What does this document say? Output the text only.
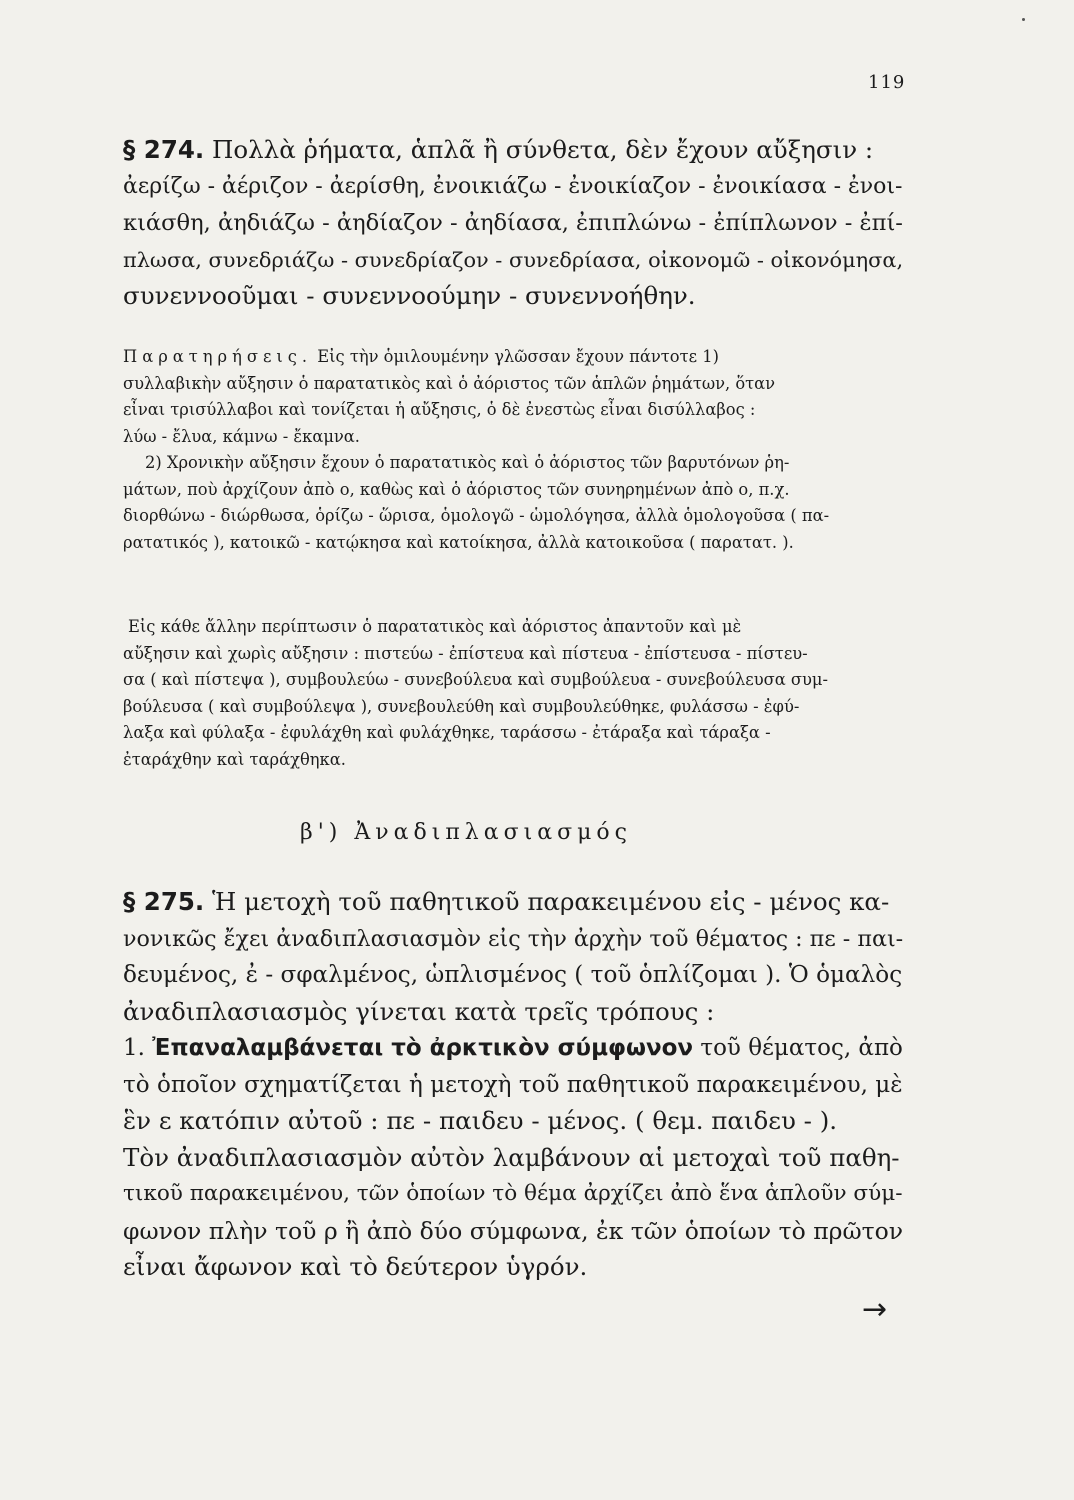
119
§ 274. Πολλὰ ῥήματα, ἁπλᾶ ἢ σύνθετα, δὲν ἔχουν αὔξησιν :
ἀερίζω - ἀέριζον - ἀερίσθη, ἐνοικιάζω - ἐνοικίαζον - ἐνοικίασα - ἐνοι-
κιάσθη, ἀηδιάζω - ἀηδίαζον - ἀηδίασα, ἐπιπλώνω - ἐπίπλωνον - ἐπί-
πλωσα, συνεδριάζω - συνεδρίαζον - συνεδρίασα, οἰκονομῶ - οἰκονόμησα,
συνεννοοῦμαι - συνεννοούμην - συνεννοήθην.
Παρατηρήσεις. Εἰς τὴν ὁμιλουμένην γλῶσσαν ἔχουν πάντοτε 1)
συλλαβικὴν αὔξησιν ὁ παρατατικὸς καὶ ὁ ἀόριστος τῶν ἁπλῶν ῥημάτων, ὅταν
εἶναι τρισύλλαβοι καὶ τονίζεται ἡ αὔξησις, ὁ δὲ ἐνεστὼς εἶναι δισύλλαβος :
λύω - ἔλυα, κάμνω - ἔκαμνα.
2) Χρονικὴν αὔξησιν ἔχουν ὁ παρατατικὸς καὶ ὁ ἀόριστος τῶν βαρυτόνων ῥη-
μάτων, ποὺ ἀρχίζουν ἀπὸ ο, καθὼς καὶ ὁ ἀόριστος τῶν συνηρημένων ἀπὸ ο, π.χ.
διορθώνω - διώρθωσα, ὁρίζω - ὥρισα, ὁμολογῶ - ὡμολόγησα, ἀλλὰ ὁμολογοῦσα ( πα-
ρατατικός ), κατοικῶ - κατῴκησα καὶ κατοίκησα, ἀλλὰ κατοικοῦσα ( παρατατ. ).
Εἰς κάθε ἄλλην περίπτωσιν ὁ παρατατικὸς καὶ ἀόριστος ἀπαντοῦν καὶ μὲ
αὔξησιν καὶ χωρὶς αὔξησιν : πιστεύω - ἐπίστευα καὶ πίστευα - ἐπίστευσα - πίστευ-
σα ( καὶ πίστεψα ), συμβουλεύω - συνεβούλευα καὶ συμβούλευα - συνεβούλευσα συμ-
βούλευσα ( καὶ συμβούλεψα ), συνεβουλεύθη καὶ συμβουλεύθηκε, φυλάσσω - ἐφύ-
λαξα καὶ φύλαξα - ἐφυλάχθη καὶ φυλάχθηκε, ταράσσω - ἐτάραξα καὶ τάραξα -
ἐταράχθην καὶ ταράχθηκα.
β') Ἀναδιπλασιασμός
§ 275. Ἡ μετοχὴ τοῦ παθητικοῦ παρακειμένου εἰς - μένος κα-
νονικῶς ἔχει ἀναδιπλασιασμὸν εἰς τὴν ἀρχὴν τοῦ θέματος : πε - παι-
δευμένος, ἐ - σφαλμένος, ὡπλισμένος ( τοῦ ὁπλίζομαι ). Ὁ ὁμαλὸς
ἀναδιπλασιασμὸς γίνεται κατὰ τρεῖς τρόπους :
1. Ἐπαναλαμβάνεται τὸ ἀρκτικὸν σύμφωνον τοῦ θέματος, ἀπὸ
τὸ ὁποῖον σχηματίζεται ἡ μετοχὴ τοῦ παθητικοῦ παρακειμένου, μὲ
ἓν ε κατόπιν αὐτοῦ : πε - παιδευ - μένος. ( θεμ. παιδευ - ).
Τὸν ἀναδιπλασιασμὸν αὐτὸν λαμβάνουν αἱ μετοχαὶ τοῦ παθη-
τικοῦ παρακειμένου, τῶν ὁποίων τὸ θέμα ἀρχίζει ἀπὸ ἕνα ἁπλοῦν σύμ-
φωνον πλὴν τοῦ ρ ἢ ἀπὸ δύο σύμφωνα, ἐκ τῶν ὁποίων τὸ πρῶτον
εἶναι ἄφωνον καὶ τὸ δεύτερον ὑγρόν.
→
